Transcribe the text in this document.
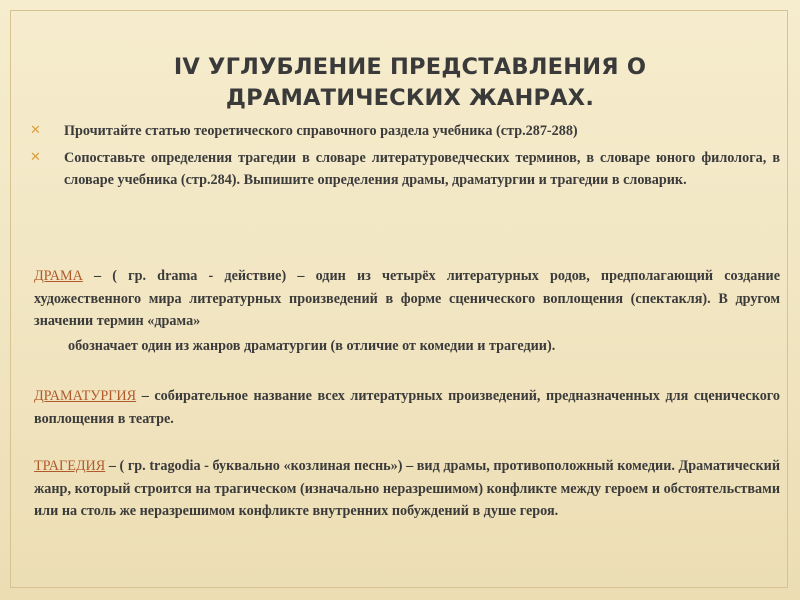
IV УГЛУБЛЕНИЕ ПРЕДСТАВЛЕНИЯ О ДРАМАТИЧЕСКИХ ЖАНРАХ.
✕ Прочитайте статью теоретического справочного раздела учебника (стр.287-288)
✕ Сопоставьте определения трагедии в словаре литературоведческих терминов, в словаре юного филолога, в словаре учебника (стр.284). Выпишите определения драмы, драматургии и трагедии в словарик.

ДРАМА – ( гр. drama - действие) – один из четырёх литературных родов, предполагающий создание художественного мира литературных произведений в форме сценического воплощения (спектакля). В другом значении термин «драма»

обозначает один из жанров драматургии (в отличие от комедии и трагедии).

ДРАМАТУРГИЯ – собирательное название всех литературных произведений, предназначенных для сценического воплощения в театре.

ТРАГЕДИЯ – ( гр. tragodia - буквально «козлиная песнь») – вид драмы, противоположный комедии. Драматический жанр, который строится на трагическом (изначально неразрешимом) конфликте между героем и обстоятельствами или на столь же неразрешимом конфликте внутренних побуждений в душе героя.
